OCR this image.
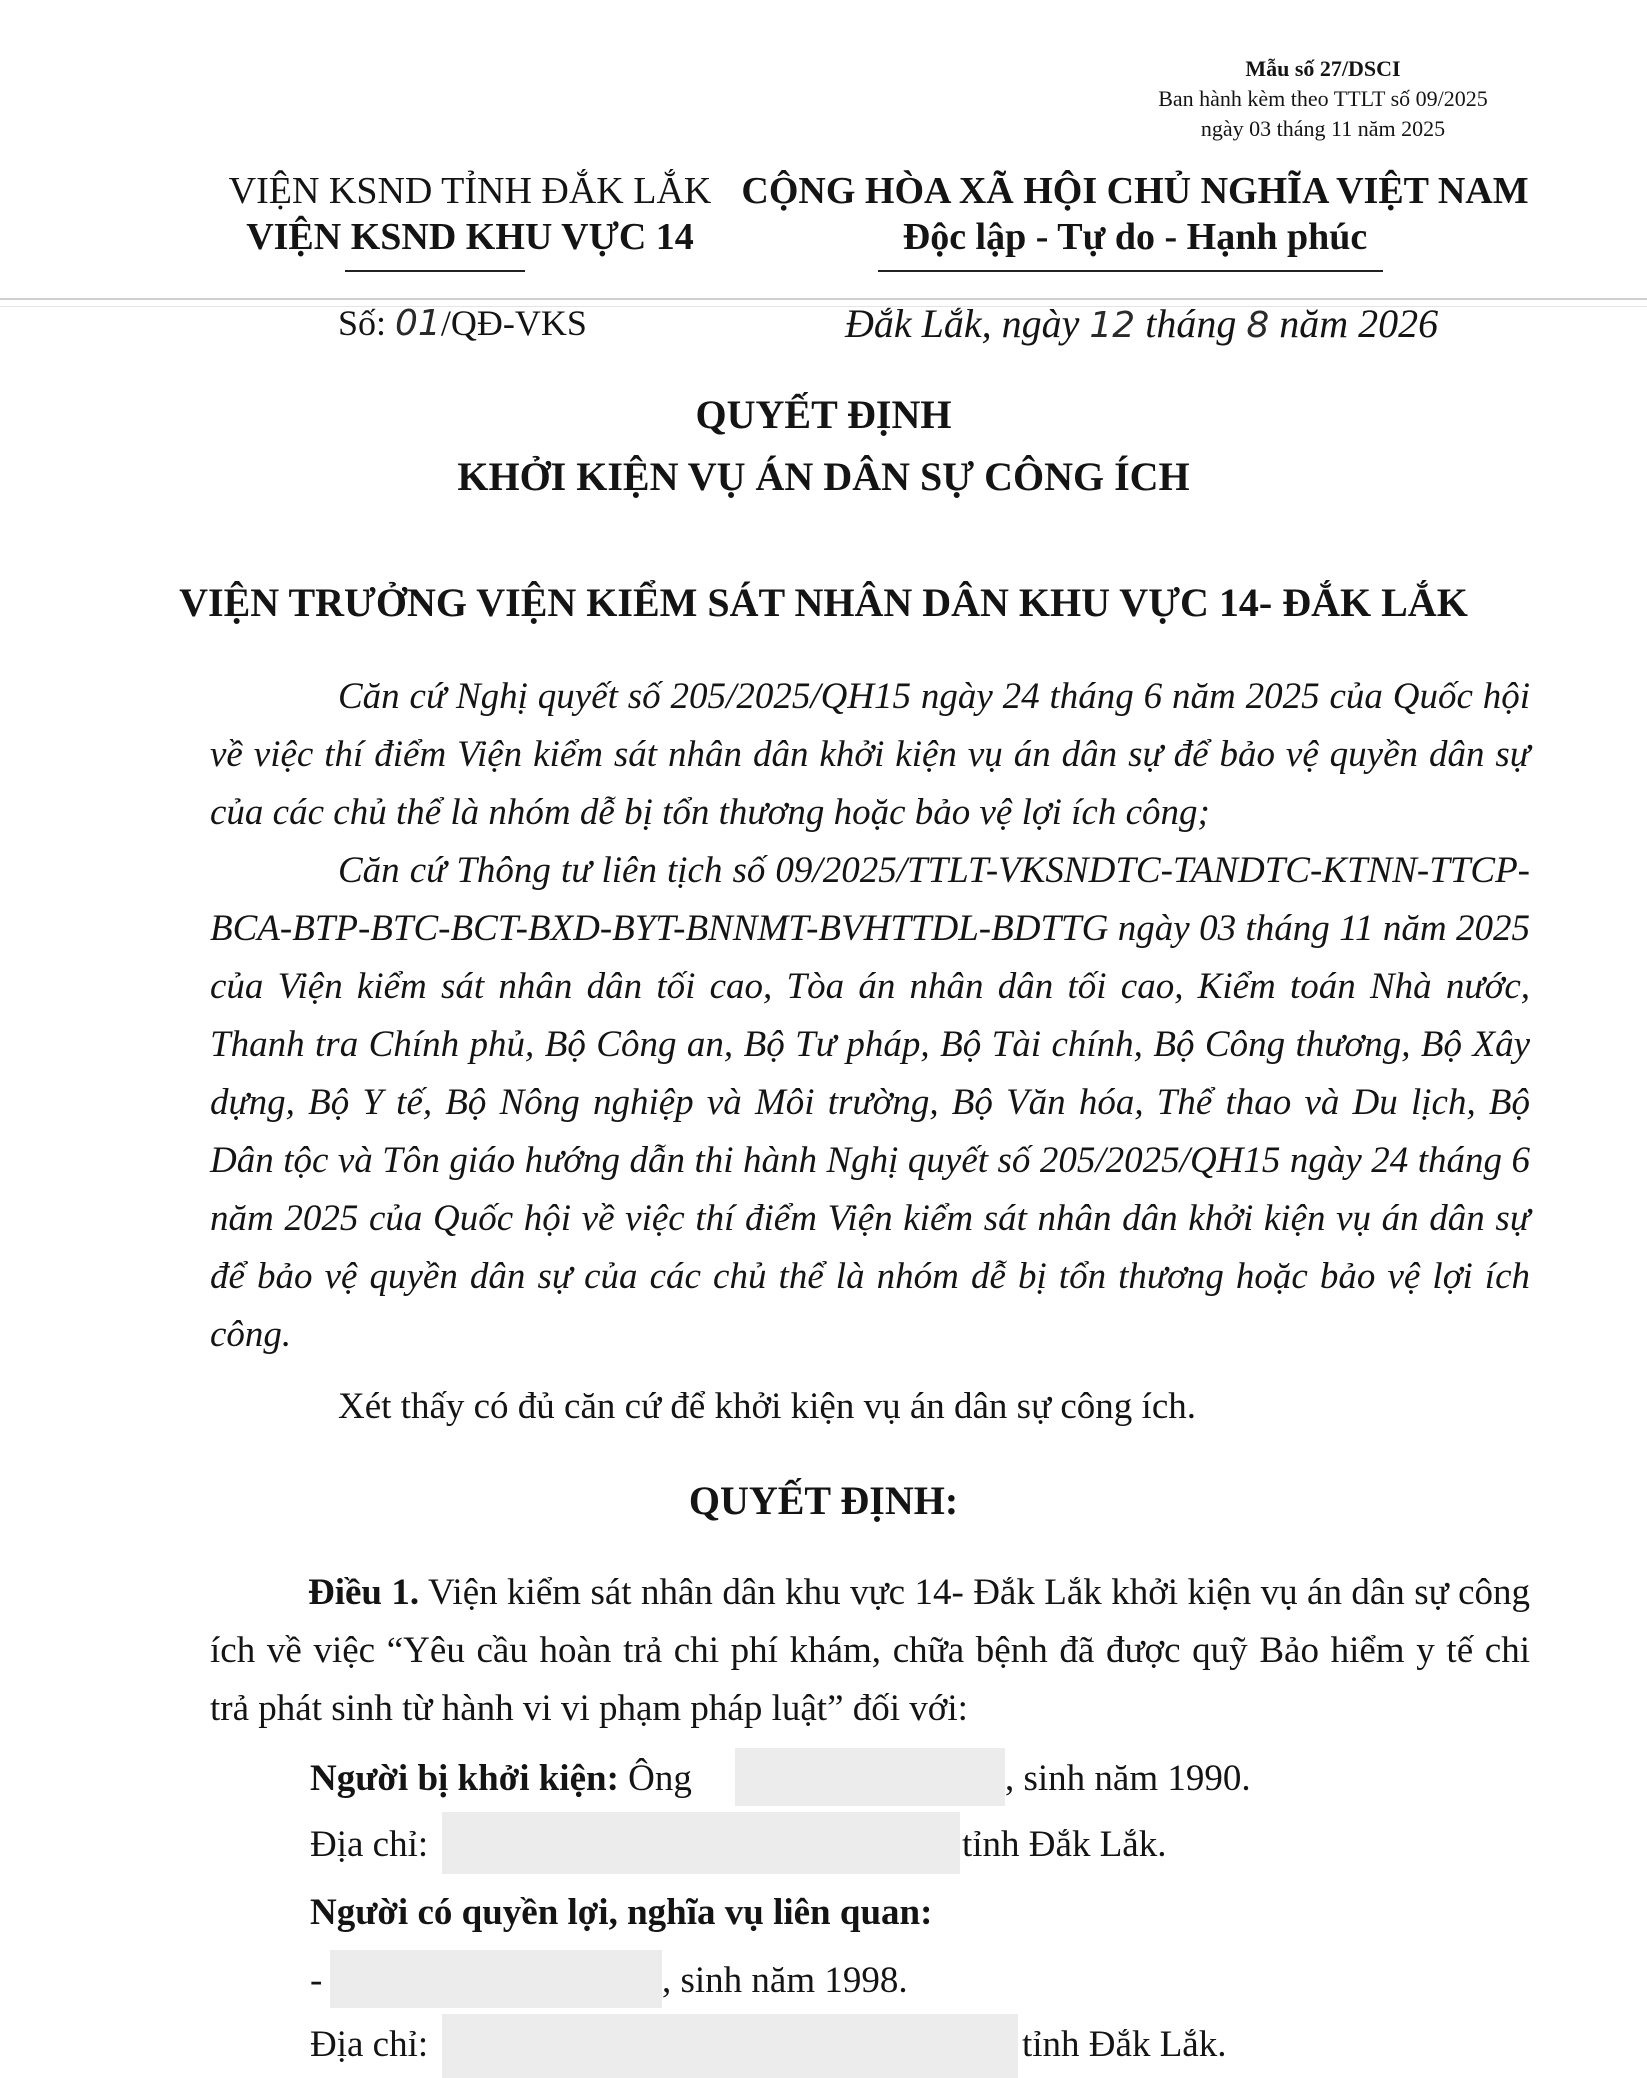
Mẫu số 27/DSCI
Ban hành kèm theo TTLT số 09/2025
ngày 03 tháng 11 năm 2025
VIỆN KSND TỈNH ĐẮK LẮK
VIỆN KSND KHU VỰC 14
CỘNG HÒA XÃ HỘI CHỦ NGHĨA VIỆT NAM
Độc lập - Tự do - Hạnh phúc
Số: 01/QĐ-VKS	Đắk Lắk, ngày 12 tháng 8 năm 2026
QUYẾT ĐỊNH
KHỞI KIỆN VỤ ÁN DÂN SỰ CÔNG ÍCH
VIỆN TRƯỞNG VIỆN KIỂM SÁT NHÂN DÂN KHU VỰC 14- ĐẮK LẮK

Căn cứ Nghị quyết số 205/2025/QH15 ngày 24 tháng 6 năm 2025 của Quốc hội về việc thí điểm Viện kiểm sát nhân dân khởi kiện vụ án dân sự để bảo vệ quyền dân sự của các chủ thể là nhóm dễ bị tổn thương hoặc bảo vệ lợi ích công;

Căn cứ Thông tư liên tịch số 09/2025/TTLT-VKSNDTC-TANDTC-KTNN-TTCP-BCA-BTP-BTC-BCT-BXD-BYT-BNNMT-BVHTTDL-BDTTG ngày 03 tháng 11 năm 2025 của Viện kiểm sát nhân dân tối cao, Tòa án nhân dân tối cao, Kiểm toán Nhà nước, Thanh tra Chính phủ, Bộ Công an, Bộ Tư pháp, Bộ Tài chính, Bộ Công thương, Bộ Xây dựng, Bộ Y tế, Bộ Nông nghiệp và Môi trường, Bộ Văn hóa, Thể thao và Du lịch, Bộ Dân tộc và Tôn giáo hướng dẫn thi hành Nghị quyết số 205/2025/QH15 ngày 24 tháng 6 năm 2025 của Quốc hội về việc thí điểm Viện kiểm sát nhân dân khởi kiện vụ án dân sự để bảo vệ quyền dân sự của các chủ thể là nhóm dễ bị tổn thương hoặc bảo vệ lợi ích công.

Xét thấy có đủ căn cứ để khởi kiện vụ án dân sự công ích.
QUYẾT ĐỊNH:

Điều 1. Viện kiểm sát nhân dân khu vực 14- Đắk Lắk khởi kiện vụ án dân sự công ích về việc “Yêu cầu hoàn trả chi phí khám, chữa bệnh đã được quỹ Bảo hiểm y tế chi trả phát sinh từ hành vi vi phạm pháp luật” đối với:

Người bị khởi kiện: Ông	, sinh năm 1990.
Địa chỉ:	tỉnh Đắk Lắk.
Người có quyền lợi, nghĩa vụ liên quan:
-	, sinh năm 1998.
Địa chỉ:	tỉnh Đắk Lắk.
